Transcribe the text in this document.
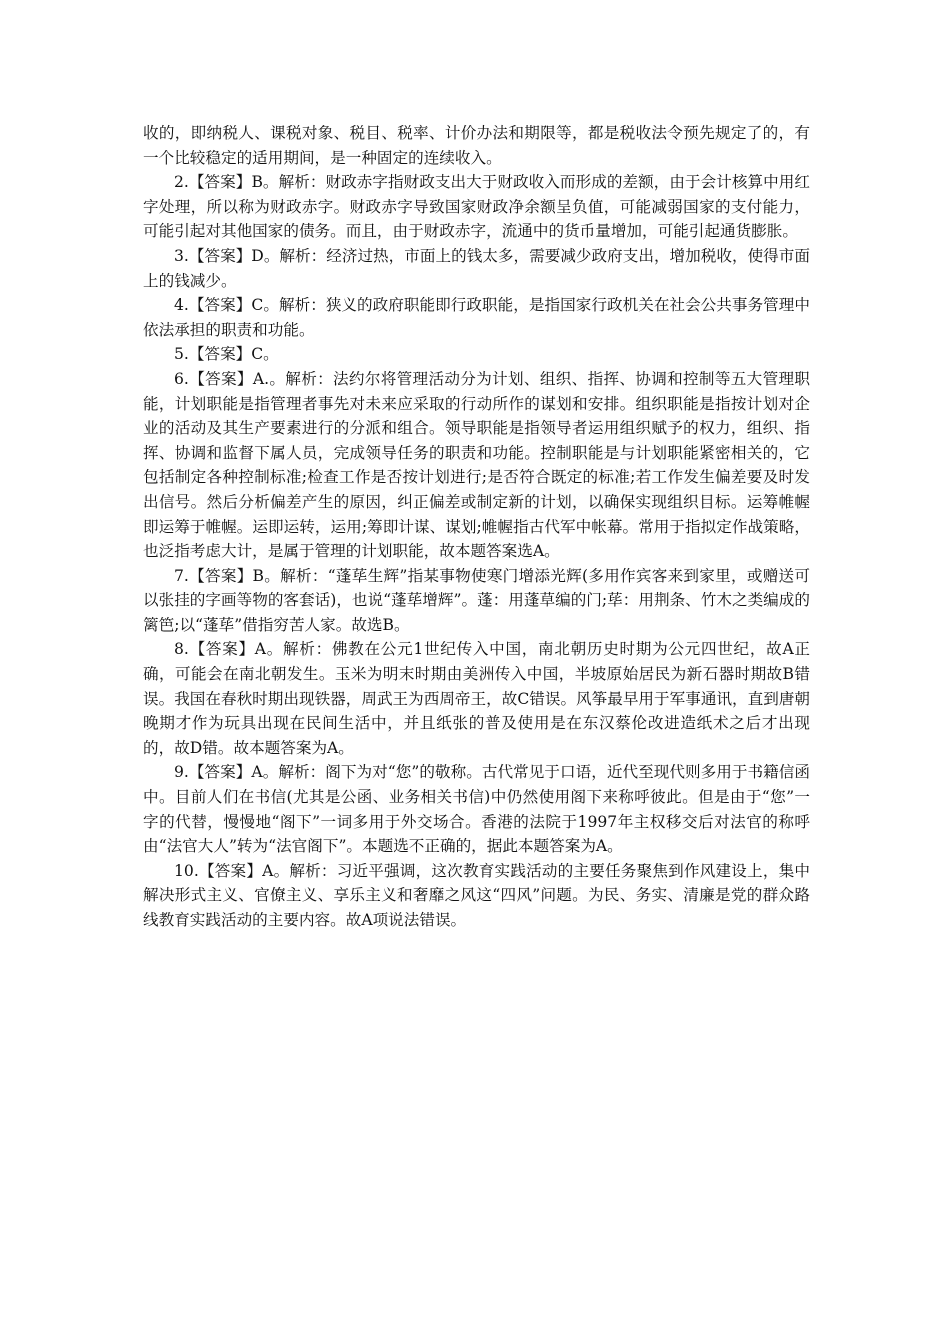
收的，即纳税人、课税对象、税目、税率、计价办法和期限等，都是税收法令预先规定了的，有一个比较稳定的适用期间，是一种固定的连续收入。

2.【答案】B。解析：财政赤字指财政支出大于财政收入而形成的差额，由于会计核算中用红字处理，所以称为财政赤字。财政赤字导致国家财政净余额呈负值，可能减弱国家的支付能力，可能引起对其他国家的债务。而且，由于财政赤字，流通中的货币量增加，可能引起通货膨胀。

3.【答案】D。解析：经济过热，市面上的钱太多，需要减少政府支出，增加税收，使得市面上的钱减少。

4.【答案】C。解析：狭义的政府职能即行政职能，是指国家行政机关在社会公共事务管理中依法承担的职责和功能。

5.【答案】C。

6.【答案】A.。解析：法约尔将管理活动分为计划、组织、指挥、协调和控制等五大管理职能，计划职能是指管理者事先对未来应采取的行动所作的谋划和安排。组织职能是指按计划对企业的活动及其生产要素进行的分派和组合。领导职能是指领导者运用组织赋予的权力，组织、指挥、协调和监督下属人员，完成领导任务的职责和功能。控制职能是与计划职能紧密相关的，它包括制定各种控制标准;检查工作是否按计划进行;是否符合既定的标准;若工作发生偏差要及时发出信号。然后分析偏差产生的原因，纠正偏差或制定新的计划，以确保实现组织目标。运筹帷幄即运筹于帷幄。运即运转，运用;筹即计谋、谋划;帷幄指古代军中帐幕。常用于指拟定作战策略，也泛指考虑大计，是属于管理的计划职能，故本题答案选A。

7.【答案】B。解析：“蓬荜生辉”指某事物使寒门增添光辉(多用作宾客来到家里，或赠送可以张挂的字画等物的客套话)，也说“蓬荜增辉”。蓬：用蓬草编的门;荜：用荆条、竹木之类编成的篱笆;以“蓬荜”借指穷苦人家。故选B。

8.【答案】A。解析：佛教在公元1世纪传入中国，南北朝历史时期为公元四世纪，故A正确，可能会在南北朝发生。玉米为明末时期由美洲传入中国，半坡原始居民为新石器时期故B错误。我国在春秋时期出现铁器，周武王为西周帝王，故C错误。风筝最早用于军事通讯，直到唐朝晚期才作为玩具出现在民间生活中，并且纸张的普及使用是在东汉蔡伦改进造纸术之后才出现的，故D错。故本题答案为A。

9.【答案】A。解析：阁下为对“您”的敬称。古代常见于口语，近代至现代则多用于书籍信函中。目前人们在书信(尤其是公函、业务相关书信)中仍然使用阁下来称呼彼此。但是由于“您”一字的代替，慢慢地“阁下”一词多用于外交场合。香港的法院于1997年主权移交后对法官的称呼由“法官大人”转为“法官阁下”。本题选不正确的，据此本题答案为A。

10.【答案】A。解析：习近平强调，这次教育实践活动的主要任务聚焦到作风建设上，集中解决形式主义、官僚主义、享乐主义和奢靡之风这“四风”问题。为民、务实、清廉是党的群众路线教育实践活动的主要内容。故A项说法错误。
